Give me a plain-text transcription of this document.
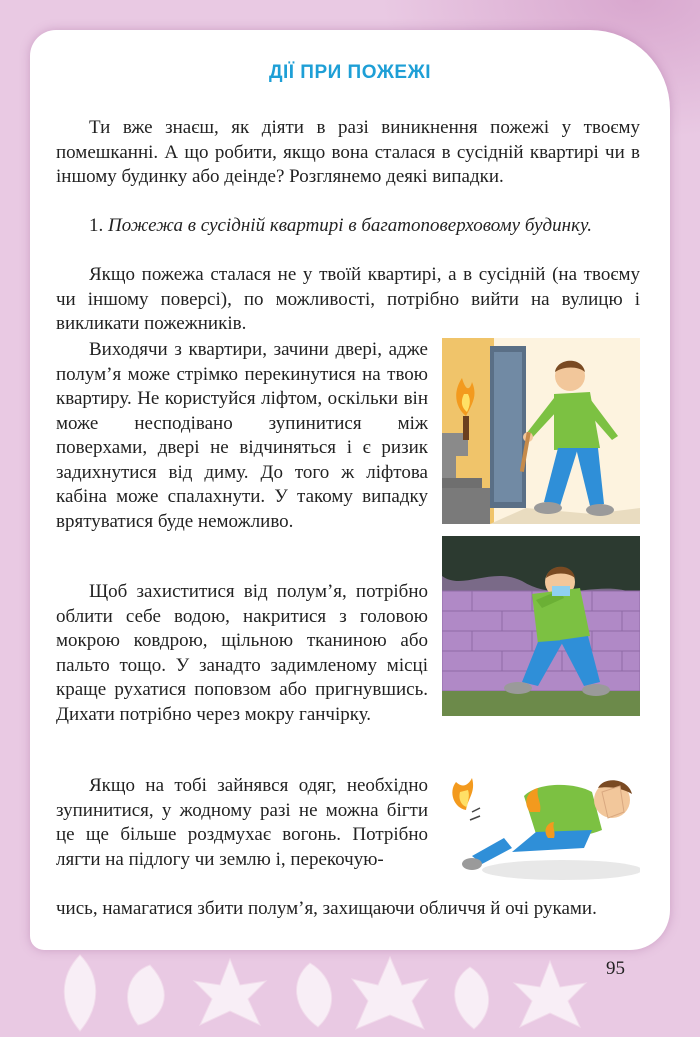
ДІЇ ПРИ ПОЖЕЖІ

Ти вже знаєш, як діяти в разі виникнення пожежі у твоєму помешканні. А що робити, якщо вона сталася в сусідній квартирі чи в іншому будинку або деінде? Розглянемо деякі випадки.

1. Пожежа в сусідній квартирі в багатоповерховому будинку.

Якщо пожежа сталася не у твоїй квартирі, а в сусідній (на твоєму чи іншому поверсі), по можливості, потрібно вийти на вулицю і викликати пожежників.

Виходячи з квартири, зачини двері, адже полум’я може стрімко перекинутися на твою квартиру. Не користуйся ліфтом, оскільки він може несподівано зупинитися між поверхами, двері не відчиняться і є ризик задихнутися від диму. До того ж ліфтова кабіна може спалахнути. У такому випадку врятуватися буде неможливо.

Щоб захиститися від полум’я, потрібно облити себе водою, накритися з головою мокрою ковдрою, щільною тканиною або пальто тощо. У занадто задимленому місці краще рухатися поповзом або пригнувшись. Дихати потрібно через мокру ганчірку.

Якщо на тобі зайнявся одяг, необхідно зупинитися, у жодному разі не можна бігти це ще більше роздмухає вогонь. Потрібно лягти на підлогу чи землю і, перекочую-

чись, намагатися збити полум’я, захищаючи обличчя й очі руками.

95
